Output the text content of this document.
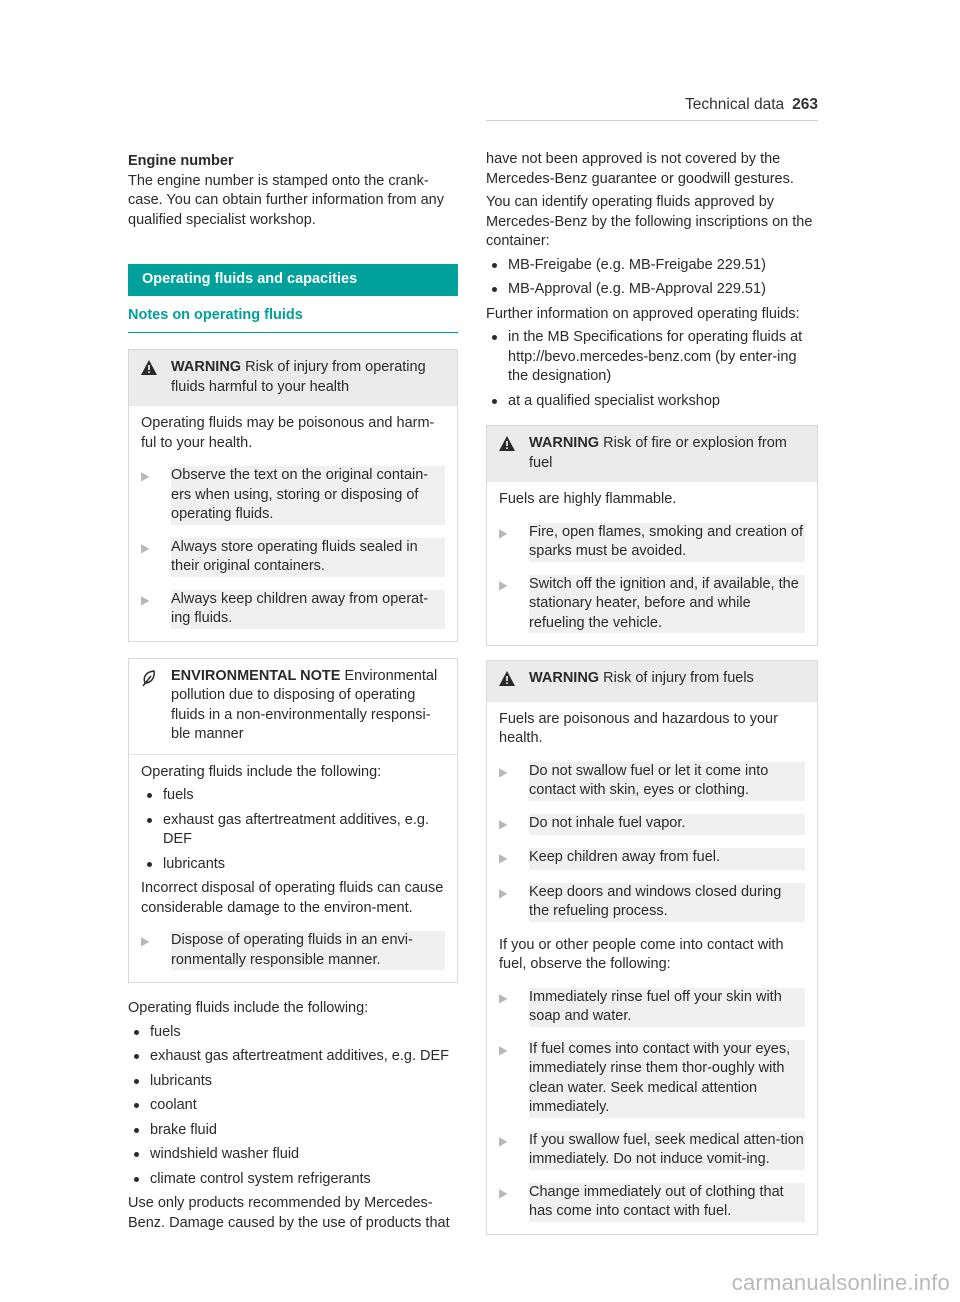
Technical data 263

Engine number

The engine number is stamped onto the crank-case. You can obtain further information from any qualified specialist workshop.

Operating fluids and capacities
Notes on operating fluids
WARNING Risk of injury from operating fluids harmful to your health

Operating fluids may be poisonous and harm-ful to your health.

▶	Observe the text on the original contain-ers when using, storing or disposing of operating fluids.
▶	Always store operating fluids sealed in their original containers.
▶	Always keep children away from operat-ing fluids.
ENVIRONMENTAL NOTE Environmental pollution due to disposing of operating fluids in a non-environmentally responsi-ble manner

Operating fluids include the following:

fuels
exhaust gas aftertreatment additives, e.g. DEF
lubricants

Incorrect disposal of operating fluids can cause considerable damage to the environ-ment.

▶	Dispose of operating fluids in an envi-ronmentally responsible manner.

Operating fluids include the following:

fuels
exhaust gas aftertreatment additives, e.g. DEF
lubricants
coolant
brake fluid
windshield washer fluid
climate control system refrigerants

Use only products recommended by Mercedes-Benz. Damage caused by the use of products that

have not been approved is not covered by the Mercedes-Benz guarantee or goodwill gestures.

You can identify operating fluids approved by Mercedes-Benz by the following inscriptions on the container:

MB-Freigabe (e.g. MB-Freigabe 229.51)
MB-Approval (e.g. MB-Approval 229.51)

Further information on approved operating fluids:

in the MB Specifications for operating fluids at http://bevo.mercedes-benz.com (by enter-ing the designation)
at a qualified specialist workshop
WARNING Risk of fire or explosion from fuel

Fuels are highly flammable.

▶	Fire, open flames, smoking and creation of sparks must be avoided.
▶	Switch off the ignition and, if available, the stationary heater, before and while refueling the vehicle.
WARNING Risk of injury from fuels

Fuels are poisonous and hazardous to your health.

▶	Do not swallow fuel or let it come into contact with skin, eyes or clothing.
▶	Do not inhale fuel vapor.
▶	Keep children away from fuel.
▶	Keep doors and windows closed during the refueling process.

If you or other people come into contact with fuel, observe the following:

▶	Immediately rinse fuel off your skin with soap and water.
▶	If fuel comes into contact with your eyes, immediately rinse them thor-oughly with clean water. Seek medical attention immediately.
▶	If you swallow fuel, seek medical atten-tion immediately. Do not induce vomit-ing.
▶	Change immediately out of clothing that has come into contact with fuel.
carmanualsonline.info
